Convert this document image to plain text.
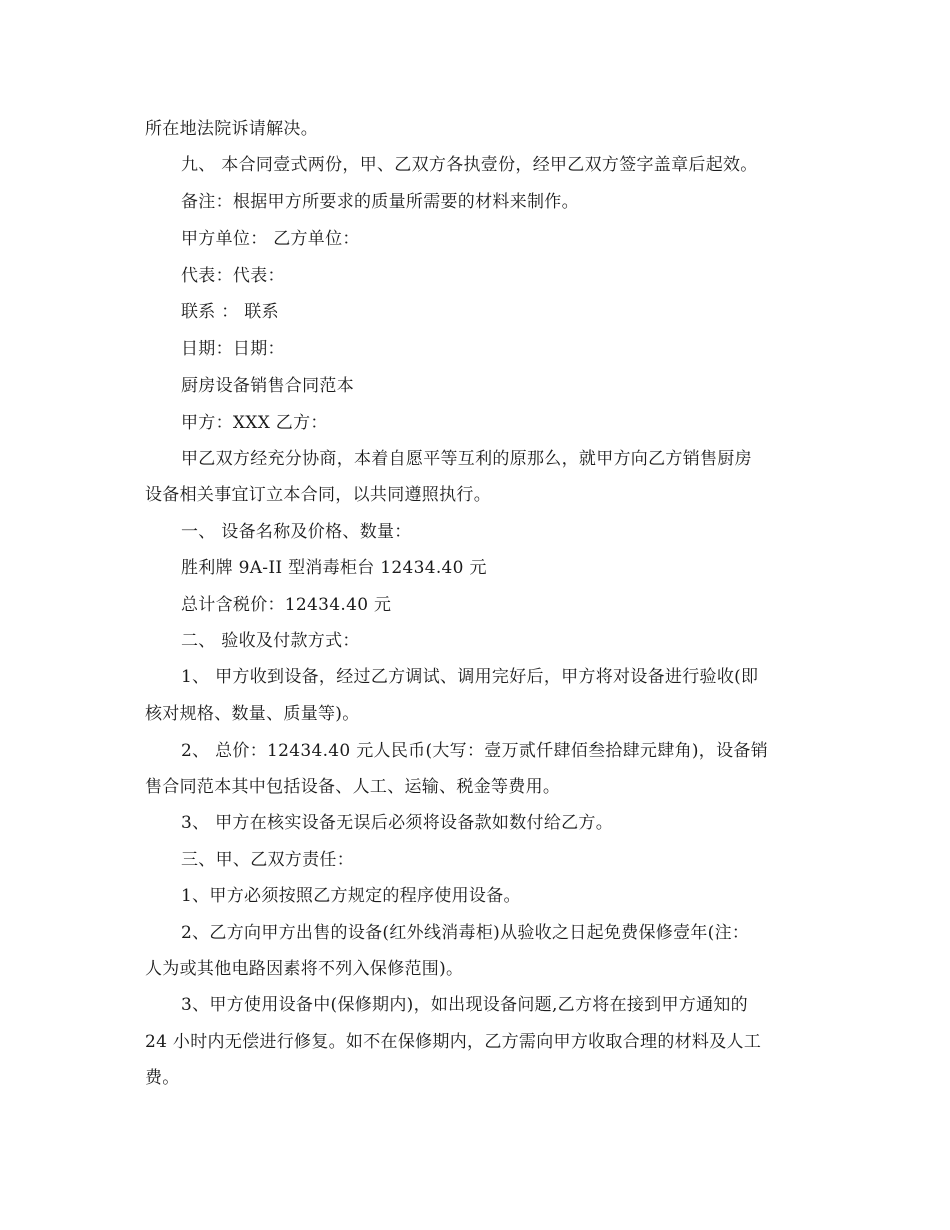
所在地法院诉请解决。
九、 本合同壹式两份，甲、乙双方各执壹份，经甲乙双方签字盖章后起效。
备注：根据甲方所要求的质量所需要的材料来制作。
甲方单位： 乙方单位：
代表：代表：
联系 ： 联系
日期：日期：
厨房设备销售合同范本
甲方：XXX 乙方：
甲乙双方经充分协商，本着自愿平等互利的原那么，就甲方向乙方销售厨房
设备相关事宜订立本合同，以共同遵照执行。
一、 设备名称及价格、数量：
胜利牌 9A-II 型消毒柜台 12434.40 元
总计含税价：12434.40 元
二、 验收及付款方式：
1、 甲方收到设备，经过乙方调试、调用完好后，甲方将对设备进行验收(即
核对规格、数量、质量等)。
2、 总价：12434.40 元人民币(大写：壹万贰仟肆佰叁拾肆元肆角)，设备销
售合同范本其中包括设备、人工、运输、税金等费用。
3、 甲方在核实设备无误后必须将设备款如数付给乙方。
三、甲、乙双方责任：
1、甲方必须按照乙方规定的程序使用设备。
2、乙方向甲方出售的设备(红外线消毒柜)从验收之日起免费保修壹年(注：
人为或其他电路因素将不列入保修范围)。
3、甲方使用设备中(保修期内)，如出现设备问题,乙方将在接到甲方通知的
24 小时内无偿进行修复。如不在保修期内，乙方需向甲方收取合理的材料及人工
费。
